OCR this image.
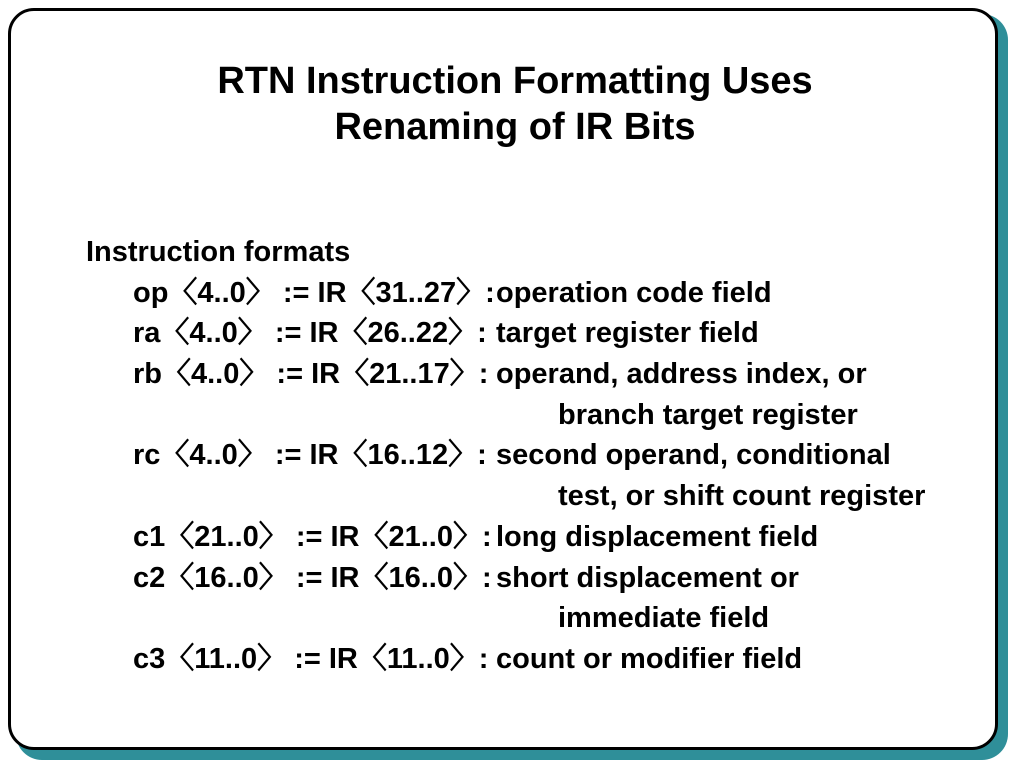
RTN Instruction Formatting Uses
Renaming of IR Bits
Instruction formats
op〈4..0〉 := IR〈31..27〉: operation code field
ra〈4..0〉 := IR〈26..22〉: target register field
rb〈4..0〉 := IR〈21..17〉: operand, address index, or
branch target register
rc〈4..0〉 := IR〈16..12〉: second operand, conditional
test, or shift count register
c1〈21..0〉 := IR〈21..0〉: long displacement field
c2〈16..0〉 := IR〈16..0〉: short displacement or
immediate field
c3〈11..0〉 := IR〈11..0〉: count or modifier field
